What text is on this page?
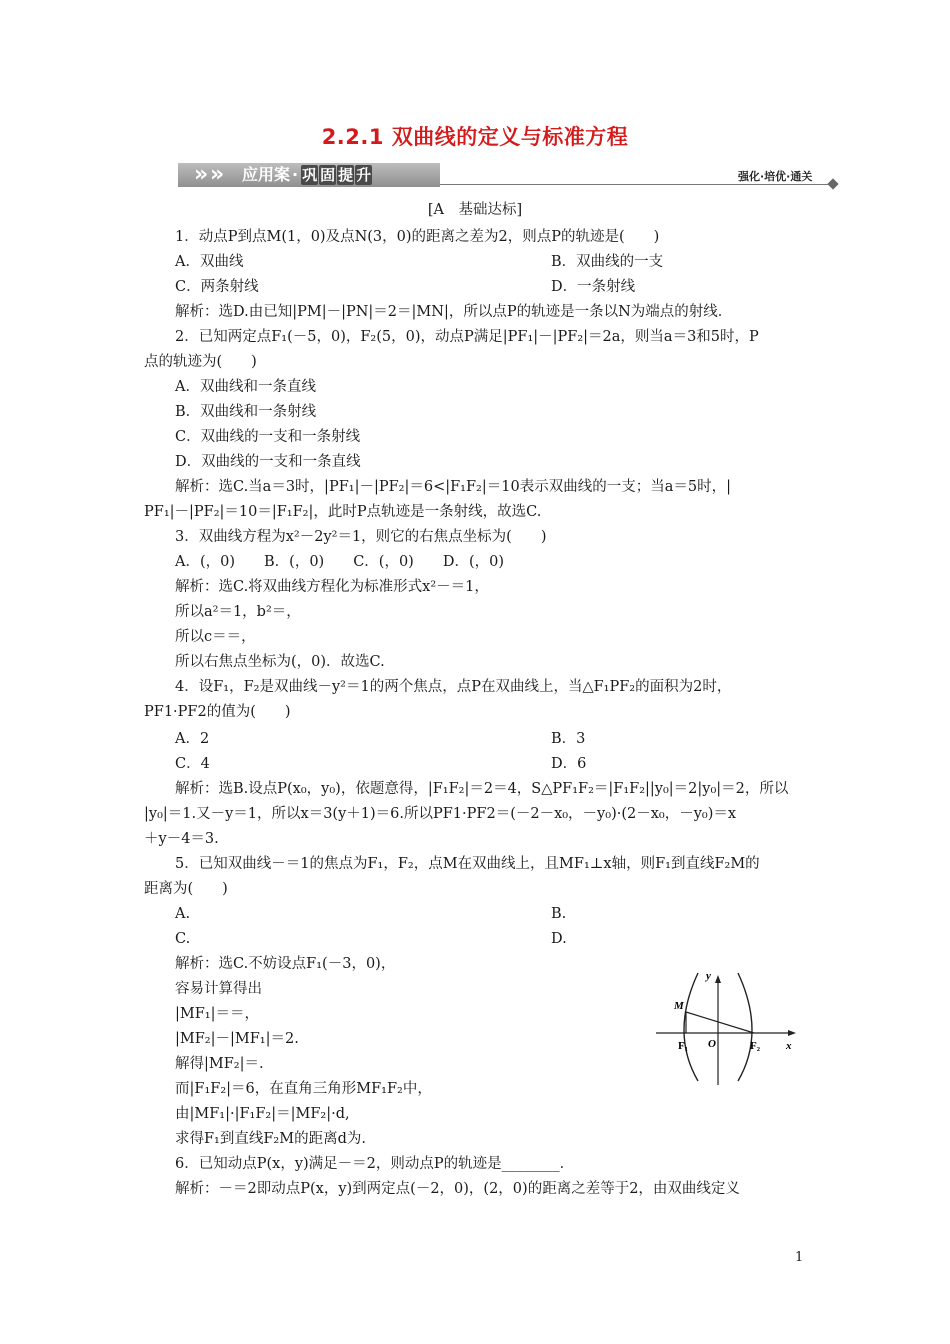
2.2.1 双曲线的定义与标准方程
» » 应用案 · 巩 固 提 升	强化·培优·通关
[A　基础达标]
1．动点P到点M(1，0)及点N(3，0)的距离之差为2，则点P的轨迹是(　　)
A．双曲线	B．双曲线的一支
C．两条射线	D．一条射线
解析：选D.由已知|PM|－|PN|＝2＝|MN|，所以点P的轨迹是一条以N为端点的射线．
2．已知两定点F₁(－5，0)，F₂(5，0)，动点P满足|PF₁|－|PF₂|＝2a，则当a＝3和5时，P
点的轨迹为(　　)
A．双曲线和一条直线
B．双曲线和一条射线
C．双曲线的一支和一条射线
D．双曲线的一支和一条直线
解析：选C.当a＝3时，|PF₁|－|PF₂|＝6<|F₁F₂|＝10表示双曲线的一支；当a＝5时，|
PF₁|－|PF₂|＝10＝|F₁F₂|，此时P点轨迹是一条射线，故选C.
3．双曲线方程为x²－2y²＝1，则它的右焦点坐标为(　　)
A．(，0)　　B．(，0)　　C．(，0)　　D．(，0)
解析：选C.将双曲线方程化为标准形式x²－＝1，
所以a²＝1，b²＝，
所以c＝＝，
所以右焦点坐标为(，0)．故选C.
4．设F₁，F₂是双曲线－y²＝1的两个焦点，点P在双曲线上，当△F₁PF₂的面积为2时，
PF1·PF2的值为(　　)
A．2	B．3
C．4	D．6
解析：选B.设点P(x₀，y₀)，依题意得，|F₁F₂|＝2＝4，S△PF₁F₂＝|F₁F₂||y₀|＝2|y₀|＝2，所以
|y₀|＝1.又－y＝1，所以x＝3(y＋1)＝6.所以PF1·PF2＝(－2－x₀，－y₀)·(2－x₀，－y₀)＝x
＋y－4＝3.
5．已知双曲线－＝1的焦点为F₁，F₂，点M在双曲线上，且MF₁⊥x轴，则F₁到直线F₂M的
距离为(　　)
A.	B.
C.	D.
解析：选C.不妨设点F₁(－3，0)，
容易计算得出
|MF₁|＝＝，
|MF₂|－|MF₁|＝2.
解得|MF₂|＝.
而|F₁F₂|＝6，在直角三角形MF₁F₂中，
由|MF₁|·|F₁F₂|＝|MF₂|·d,
求得F₁到直线F₂M的距离d为.
6．已知动点P(x，y)满足－＝2，则动点P的轨迹是________．
解析：－＝2即动点P(x，y)到两定点(－2，0)，(2，0)的距离之差等于2，由双曲线定义
y
x
M
O
F₁	F₂
1
